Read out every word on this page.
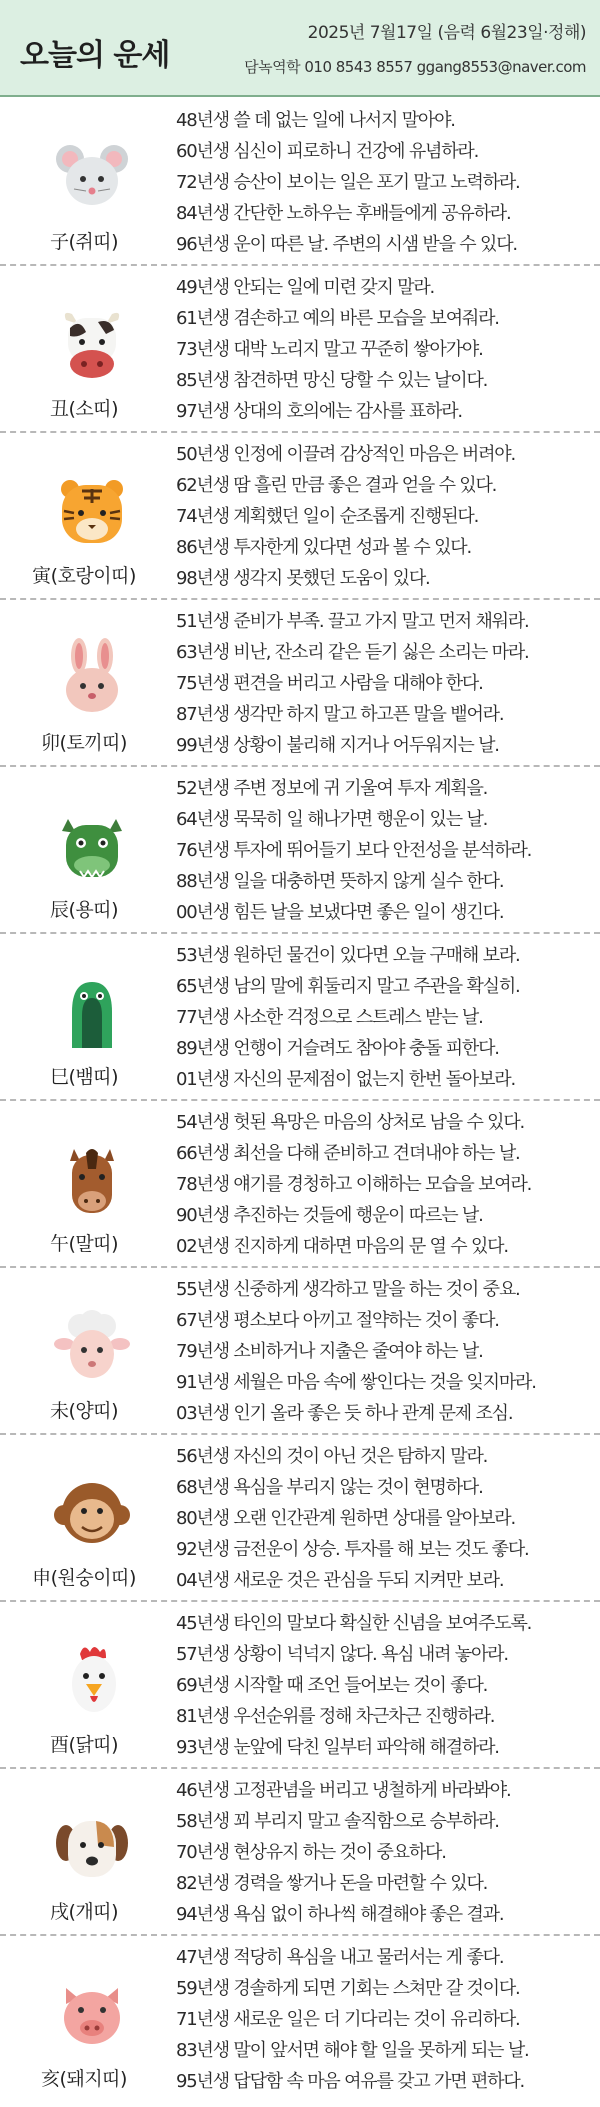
오늘의 운세
2025년 7월17일 (음력 6월23일·정해)
담녹역학 010 8543 8557 ggang8553@naver.com
子(쥐띠)
48년생 쓸 데 없는 일에 나서지 말아야.
60년생 심신이 피로하니 건강에 유념하라.
72년생 승산이 보이는 일은 포기 말고 노력하라.
84년생 간단한 노하우는 후배들에게 공유하라.
96년생 운이 따른 날. 주변의 시샘 받을 수 있다.
丑(소띠)
49년생 안되는 일에 미련 갖지 말라.
61년생 겸손하고 예의 바른 모습을 보여줘라.
73년생 대박 노리지 말고 꾸준히 쌓아가야.
85년생 참견하면 망신 당할 수 있는 날이다.
97년생 상대의 호의에는 감사를 표하라.
寅(호랑이띠)
50년생 인정에 이끌려 감상적인 마음은 버려야.
62년생 땀 흘린 만큼 좋은 결과 얻을 수 있다.
74년생 계획했던 일이 순조롭게 진행된다.
86년생 투자한게 있다면 성과 볼 수 있다.
98년생 생각지 못했던 도움이 있다.
卯(토끼띠)
51년생 준비가 부족. 끌고 가지 말고 먼저 채워라.
63년생 비난, 잔소리 같은 듣기 싫은 소리는 마라.
75년생 편견을 버리고 사람을 대해야 한다.
87년생 생각만 하지 말고 하고픈 말을 뱉어라.
99년생 상황이 불리해 지거나 어두워지는 날.
辰(용띠)
52년생 주변 정보에 귀 기울여 투자 계획을.
64년생 묵묵히 일 해나가면 행운이 있는 날.
76년생 투자에 뛰어들기 보다 안전성을 분석하라.
88년생 일을 대충하면 뜻하지 않게 실수 한다.
00년생 힘든 날을 보냈다면 좋은 일이 생긴다.
巳(뱀띠)
53년생 원하던 물건이 있다면 오늘 구매해 보라.
65년생 남의 말에 휘둘리지 말고 주관을 확실히.
77년생 사소한 걱정으로 스트레스 받는 날.
89년생 언행이 거슬려도 참아야 충돌 피한다.
01년생 자신의 문제점이 없는지 한번 돌아보라.
午(말띠)
54년생 헛된 욕망은 마음의 상처로 남을 수 있다.
66년생 최선을 다해 준비하고 견뎌내야 하는 날.
78년생 얘기를 경청하고 이해하는 모습을 보여라.
90년생 추진하는 것들에 행운이 따르는 날.
02년생 진지하게 대하면 마음의 문 열 수 있다.
未(양띠)
55년생 신중하게 생각하고 말을 하는 것이 중요.
67년생 평소보다 아끼고 절약하는 것이 좋다.
79년생 소비하거나 지출은 줄여야 하는 날.
91년생 세월은 마음 속에 쌓인다는 것을 잊지마라.
03년생 인기 올라 좋은 듯 하나 관계 문제 조심.
申(원숭이띠)
56년생 자신의 것이 아닌 것은 탐하지 말라.
68년생 욕심을 부리지 않는 것이 현명하다.
80년생 오랜 인간관계 원하면 상대를 알아보라.
92년생 금전운이 상승. 투자를 해 보는 것도 좋다.
04년생 새로운 것은 관심을 두되 지켜만 보라.
酉(닭띠)
45년생 타인의 말보다 확실한 신념을 보여주도록.
57년생 상황이 넉넉지 않다. 욕심 내려 놓아라.
69년생 시작할 때 조언 들어보는 것이 좋다.
81년생 우선순위를 정해 차근차근 진행하라.
93년생 눈앞에 닥친 일부터 파악해 해결하라.
戌(개띠)
46년생 고정관념을 버리고 냉철하게 바라봐야.
58년생 꾀 부리지 말고 솔직함으로 승부하라.
70년생 현상유지 하는 것이 중요하다.
82년생 경력을 쌓거나 돈을 마련할 수 있다.
94년생 욕심 없이 하나씩 해결해야 좋은 결과.
亥(돼지띠)
47년생 적당히 욕심을 내고 물러서는 게 좋다.
59년생 경솔하게 되면 기회는 스쳐만 갈 것이다.
71년생 새로운 일은 더 기다리는 것이 유리하다.
83년생 말이 앞서면 해야 할 일을 못하게 되는 날.
95년생 답답함 속 마음 여유를 갖고 가면 편하다.
